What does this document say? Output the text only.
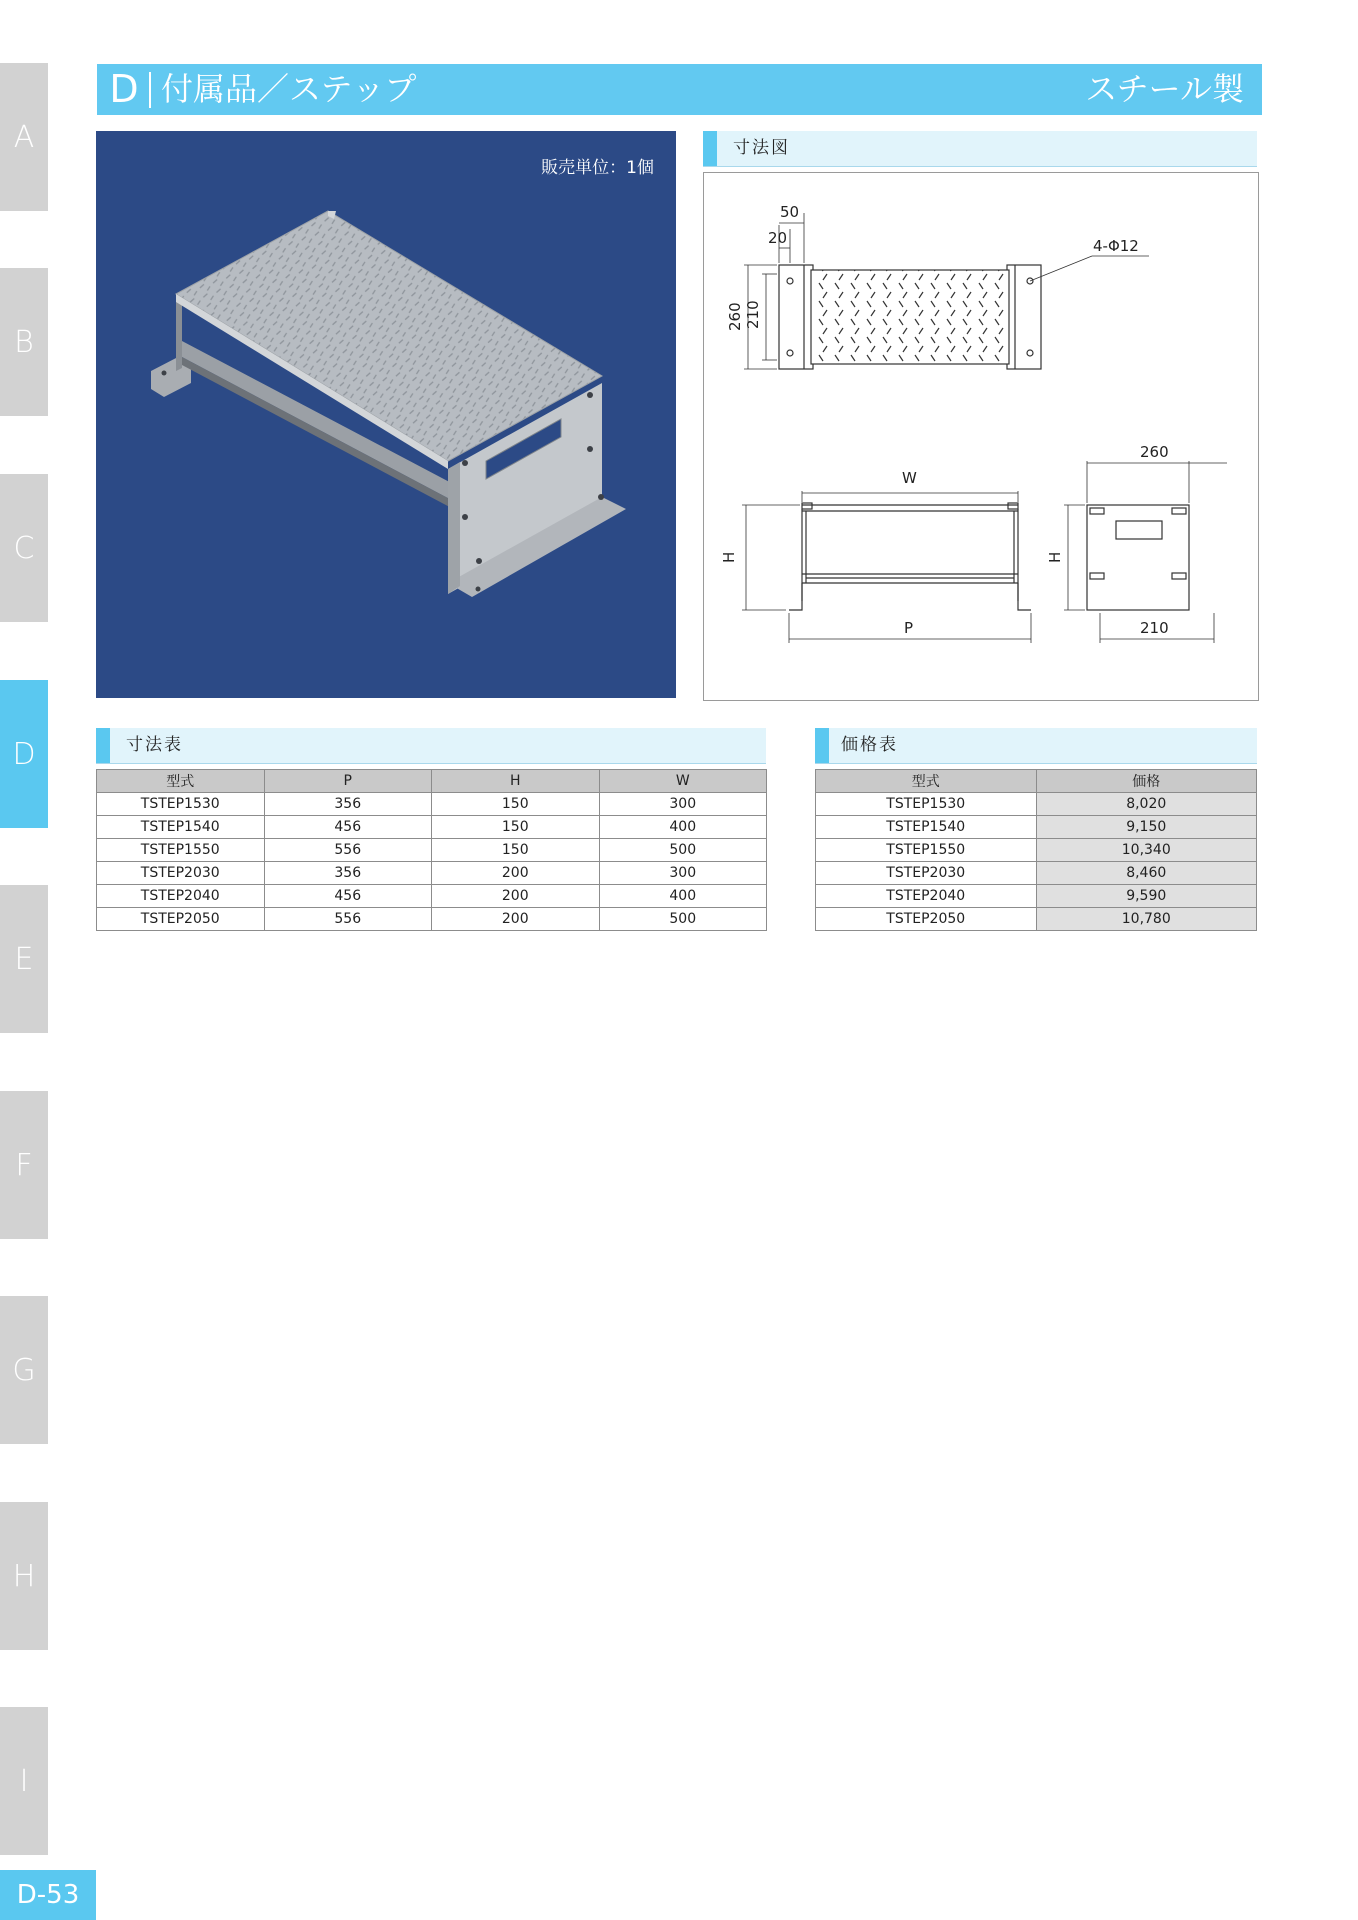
A
B
C
D
E
F
G
H
I
D-53
D 付属品／ステップ	スチール製
販売単位：1個
寸法図
50
20
260 210
4-Φ12
W
H
P
260
H
210
寸法表
型式	P	H	W
TSTEP1530	356	150	300
TSTEP1540	456	150	400
TSTEP1550	556	150	500
TSTEP2030	356	200	300
TSTEP2040	456	200	400
TSTEP2050	556	200	500
価格表
型式	価格
TSTEP1530	8,020
TSTEP1540	9,150
TSTEP1550	10,340
TSTEP2030	8,460
TSTEP2040	9,590
TSTEP2050	10,780
